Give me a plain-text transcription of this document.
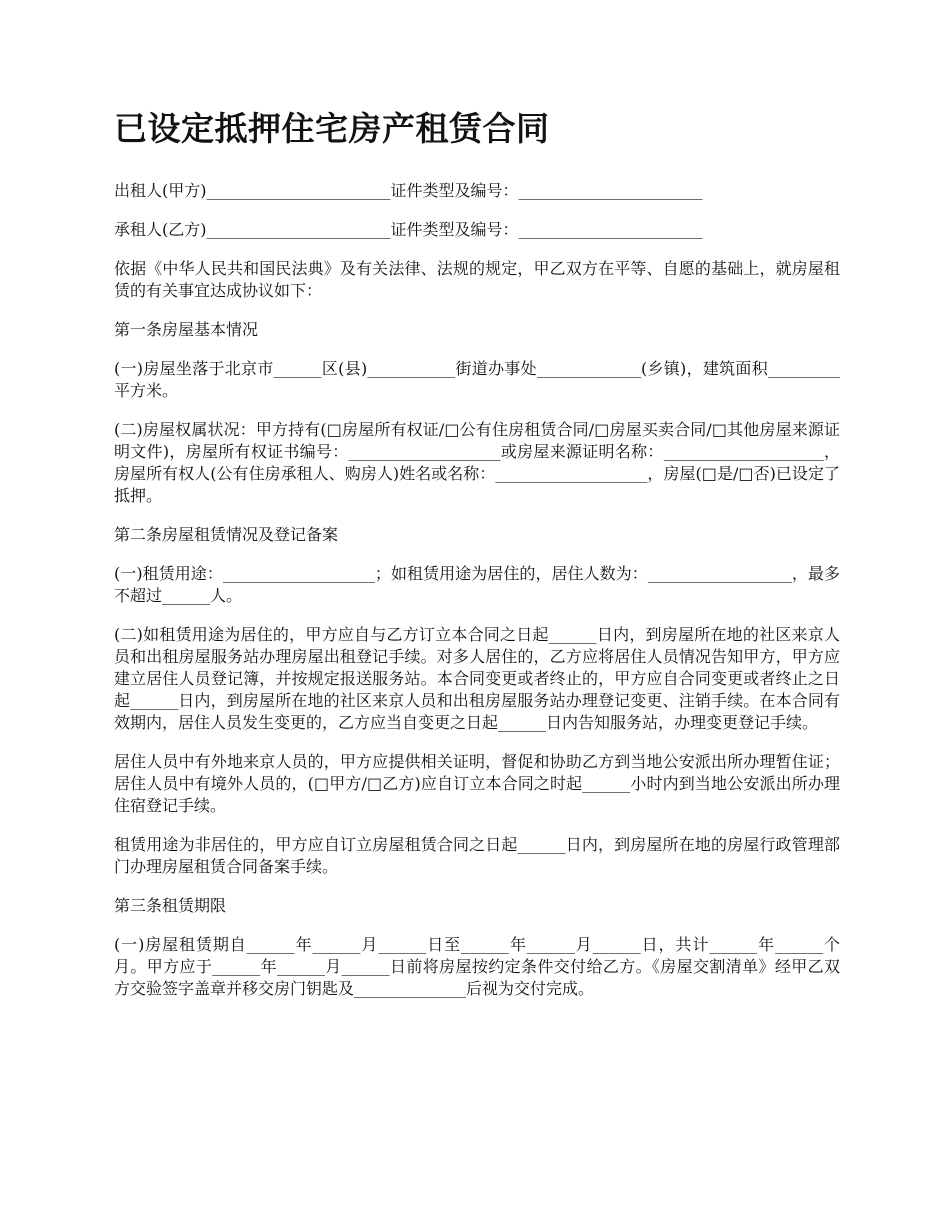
已设定抵押住宅房产租赁合同

出租人(甲方)_______________________证件类型及编号：_______________________

承租人(乙方)_______________________证件类型及编号：_______________________

依据《中华人民共和国民法典》及有关法律、法规的规定，甲乙双方在平等、自愿的基础上，就房屋租赁的有关事宜达成协议如下：

第一条房屋基本情况

(一)房屋坐落于北京市______区(县)___________街道办事处_____________(乡镇)，建筑面积_________平方米。

(二)房屋权属状况：甲方持有(□房屋所有权证/□公有住房租赁合同/□房屋买卖合同/□其他房屋来源证明文件)，房屋所有权证书编号：___________________或房屋来源证明名称：____________________，房屋所有权人(公有住房承租人、购房人)姓名或名称：___________________，房屋(□是/□否)已设定了抵押。

第二条房屋租赁情况及登记备案

(一)租赁用途：___________________；如租赁用途为居住的，居住人数为：__________________，最多不超过______人。

(二)如租赁用途为居住的，甲方应自与乙方订立本合同之日起______日内，到房屋所在地的社区来京人员和出租房屋服务站办理房屋出租登记手续。对多人居住的，乙方应将居住人员情况告知甲方，甲方应建立居住人员登记簿，并按规定报送服务站。本合同变更或者终止的，甲方应自合同变更或者终止之日起______日内，到房屋所在地的社区来京人员和出租房屋服务站办理登记变更、注销手续。在本合同有效期内，居住人员发生变更的，乙方应当自变更之日起______日内告知服务站，办理变更登记手续。

居住人员中有外地来京人员的，甲方应提供相关证明，督促和协助乙方到当地公安派出所办理暂住证；居住人员中有境外人员的，(□甲方/□乙方)应自订立本合同之时起______小时内到当地公安派出所办理住宿登记手续。

租赁用途为非居住的，甲方应自订立房屋租赁合同之日起______日内，到房屋所在地的房屋行政管理部门办理房屋租赁合同备案手续。

第三条租赁期限

(一)房屋租赁期自______年______月______日至______年______月______日，共计______年______个月。甲方应于______年______月______日前将房屋按约定条件交付给乙方。《房屋交割清单》经甲乙双方交验签字盖章并移交房门钥匙及______________后视为交付完成。
